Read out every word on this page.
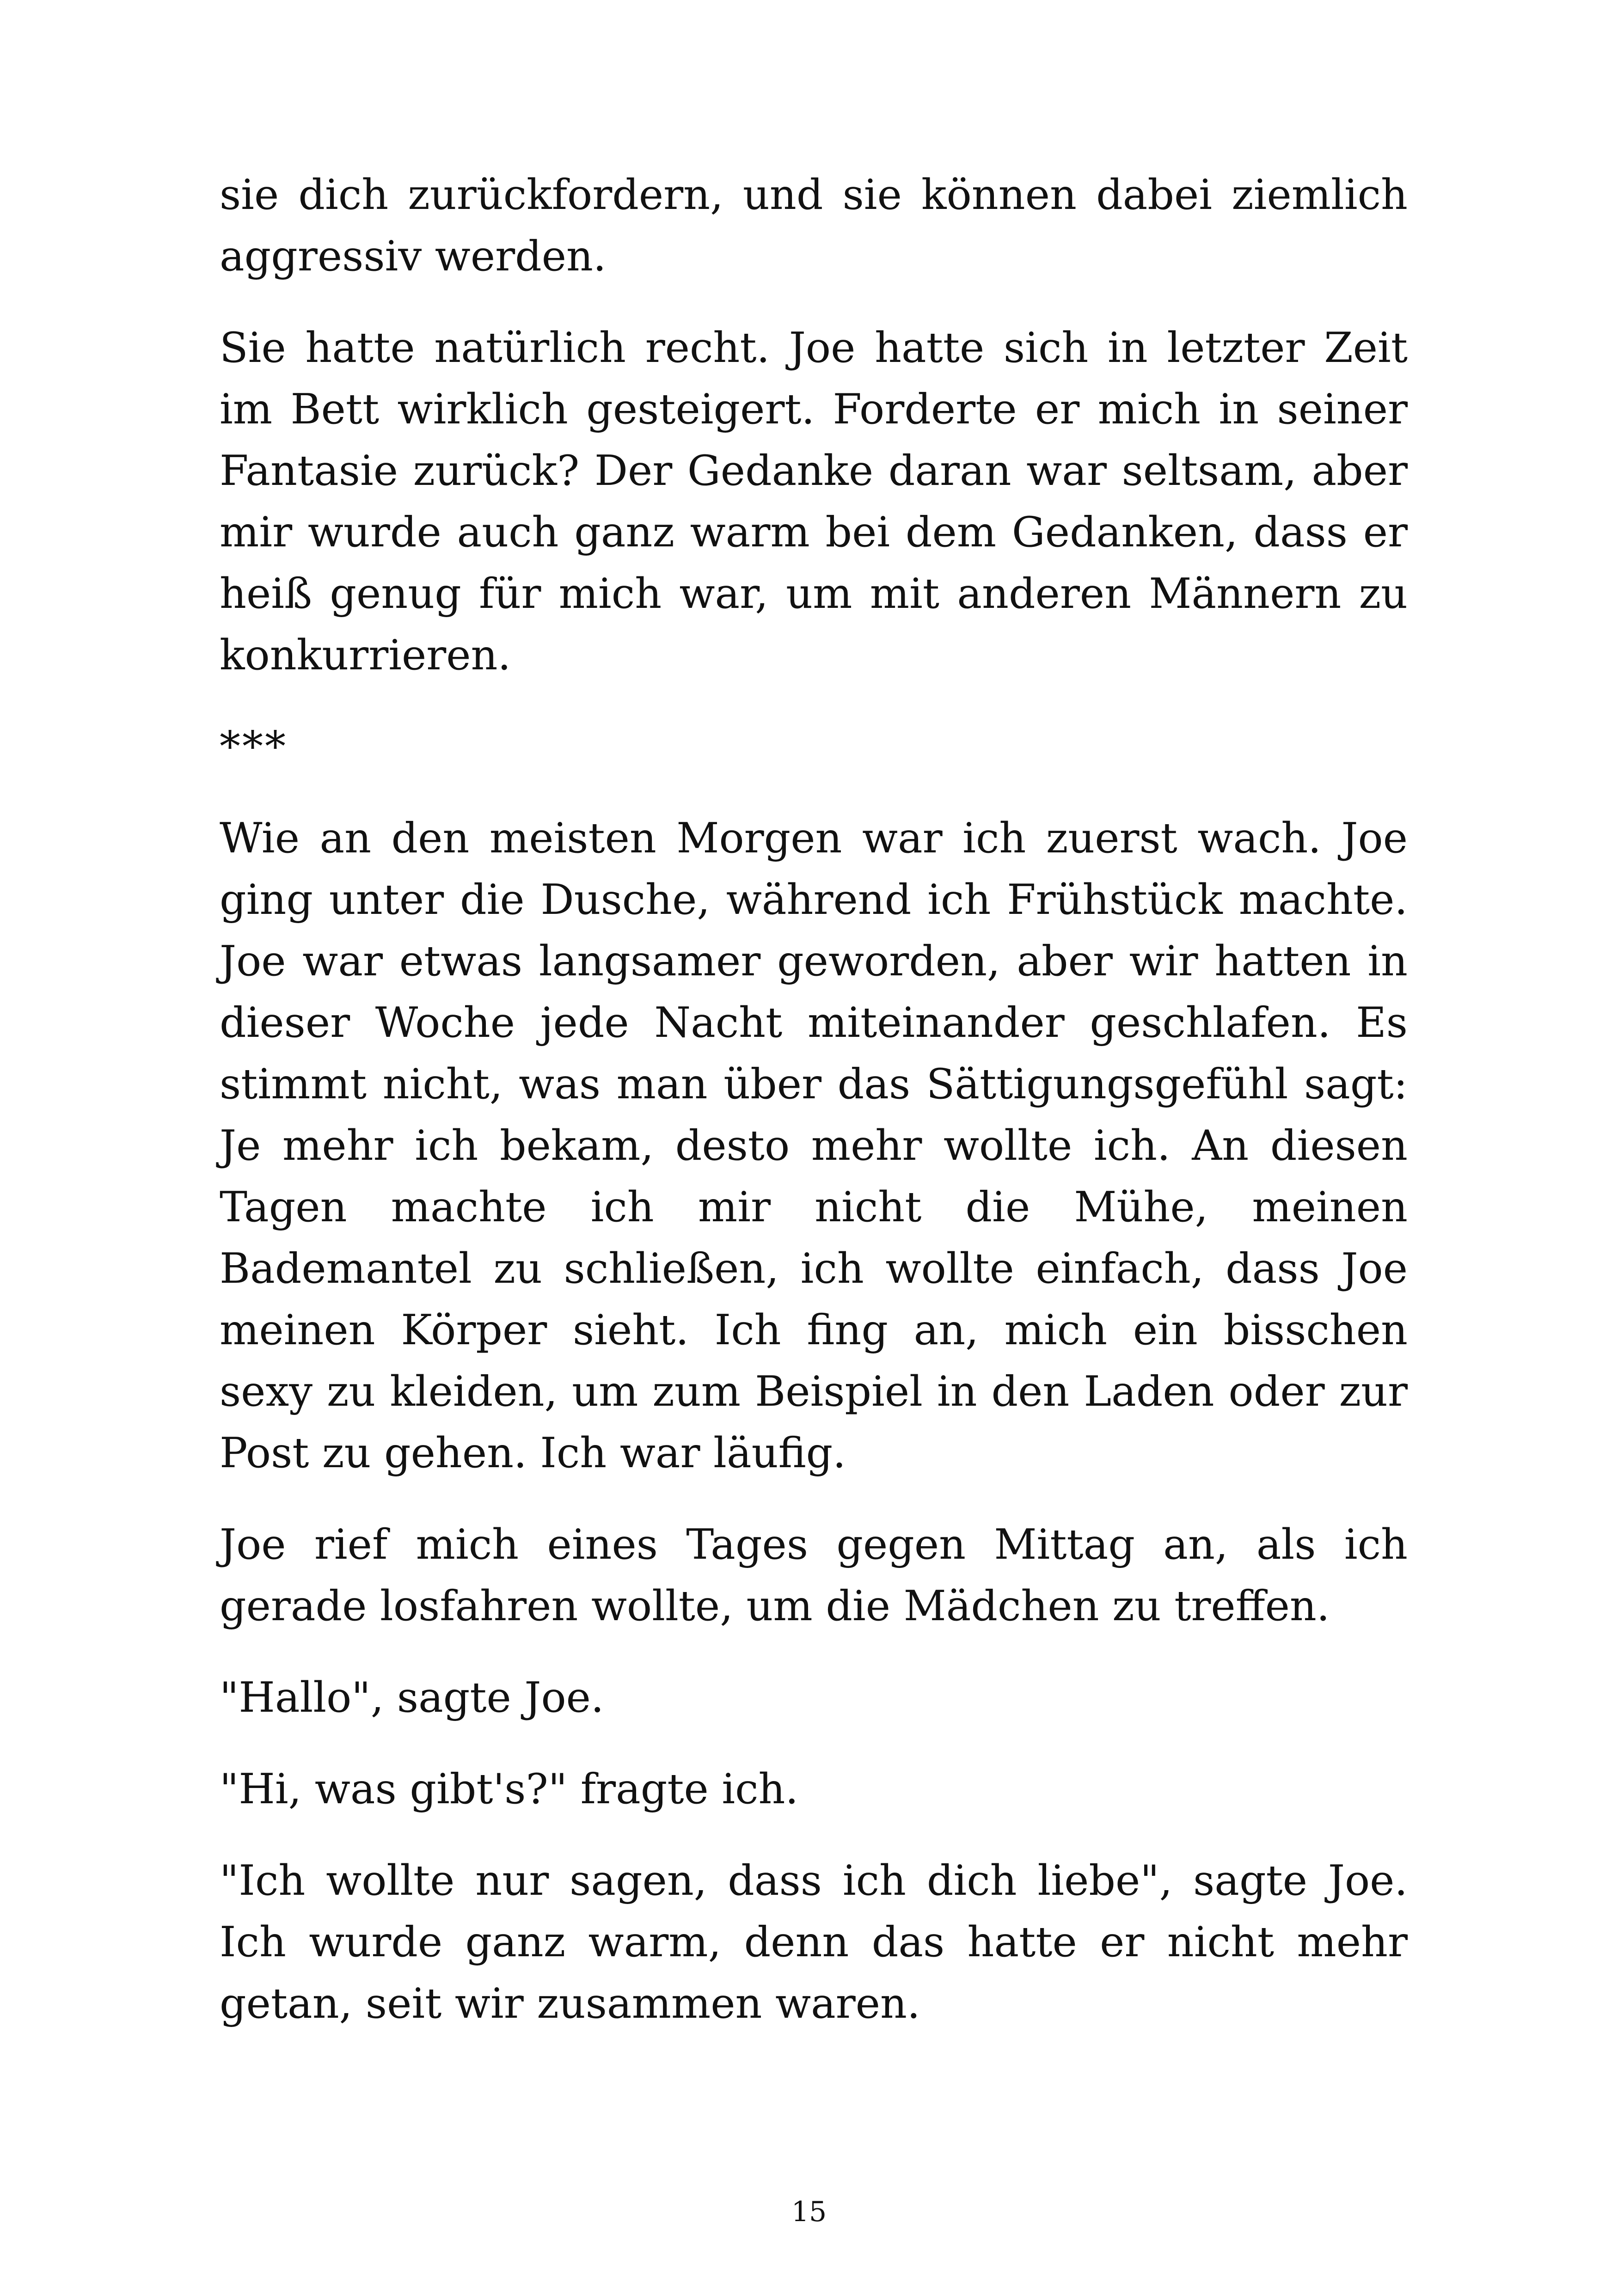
sie dich zurückfordern, und sie können dabei ziemlich aggressiv werden.

Sie hatte natürlich recht. Joe hatte sich in letzter Zeit im Bett wirklich gesteigert. Forderte er mich in seiner Fantasie zurück? Der Gedanke daran war seltsam, aber mir wurde auch ganz warm bei dem Gedanken, dass er heiß genug für mich war, um mit anderen Männern zu konkurrieren.

***

Wie an den meisten Morgen war ich zuerst wach. Joe ging unter die Dusche, während ich Frühstück machte. Joe war etwas langsamer geworden, aber wir hatten in dieser Woche jede Nacht miteinander geschlafen. Es stimmt nicht, was man über das Sättigungsgefühl sagt: Je mehr ich bekam, desto mehr wollte ich. An diesen Tagen machte ich mir nicht die Mühe, meinen Bademantel zu schließen, ich wollte einfach, dass Joe meinen Körper sieht. Ich fing an, mich ein bisschen sexy zu kleiden, um zum Beispiel in den Laden oder zur Post zu gehen. Ich war läufig.

Joe rief mich eines Tages gegen Mittag an, als ich gerade losfahren wollte, um die Mädchen zu treffen.

"Hallo", sagte Joe.

"Hi, was gibt's?" fragte ich.

"Ich wollte nur sagen, dass ich dich liebe", sagte Joe. Ich wurde ganz warm, denn das hatte er nicht mehr getan, seit wir zusammen waren.

15
